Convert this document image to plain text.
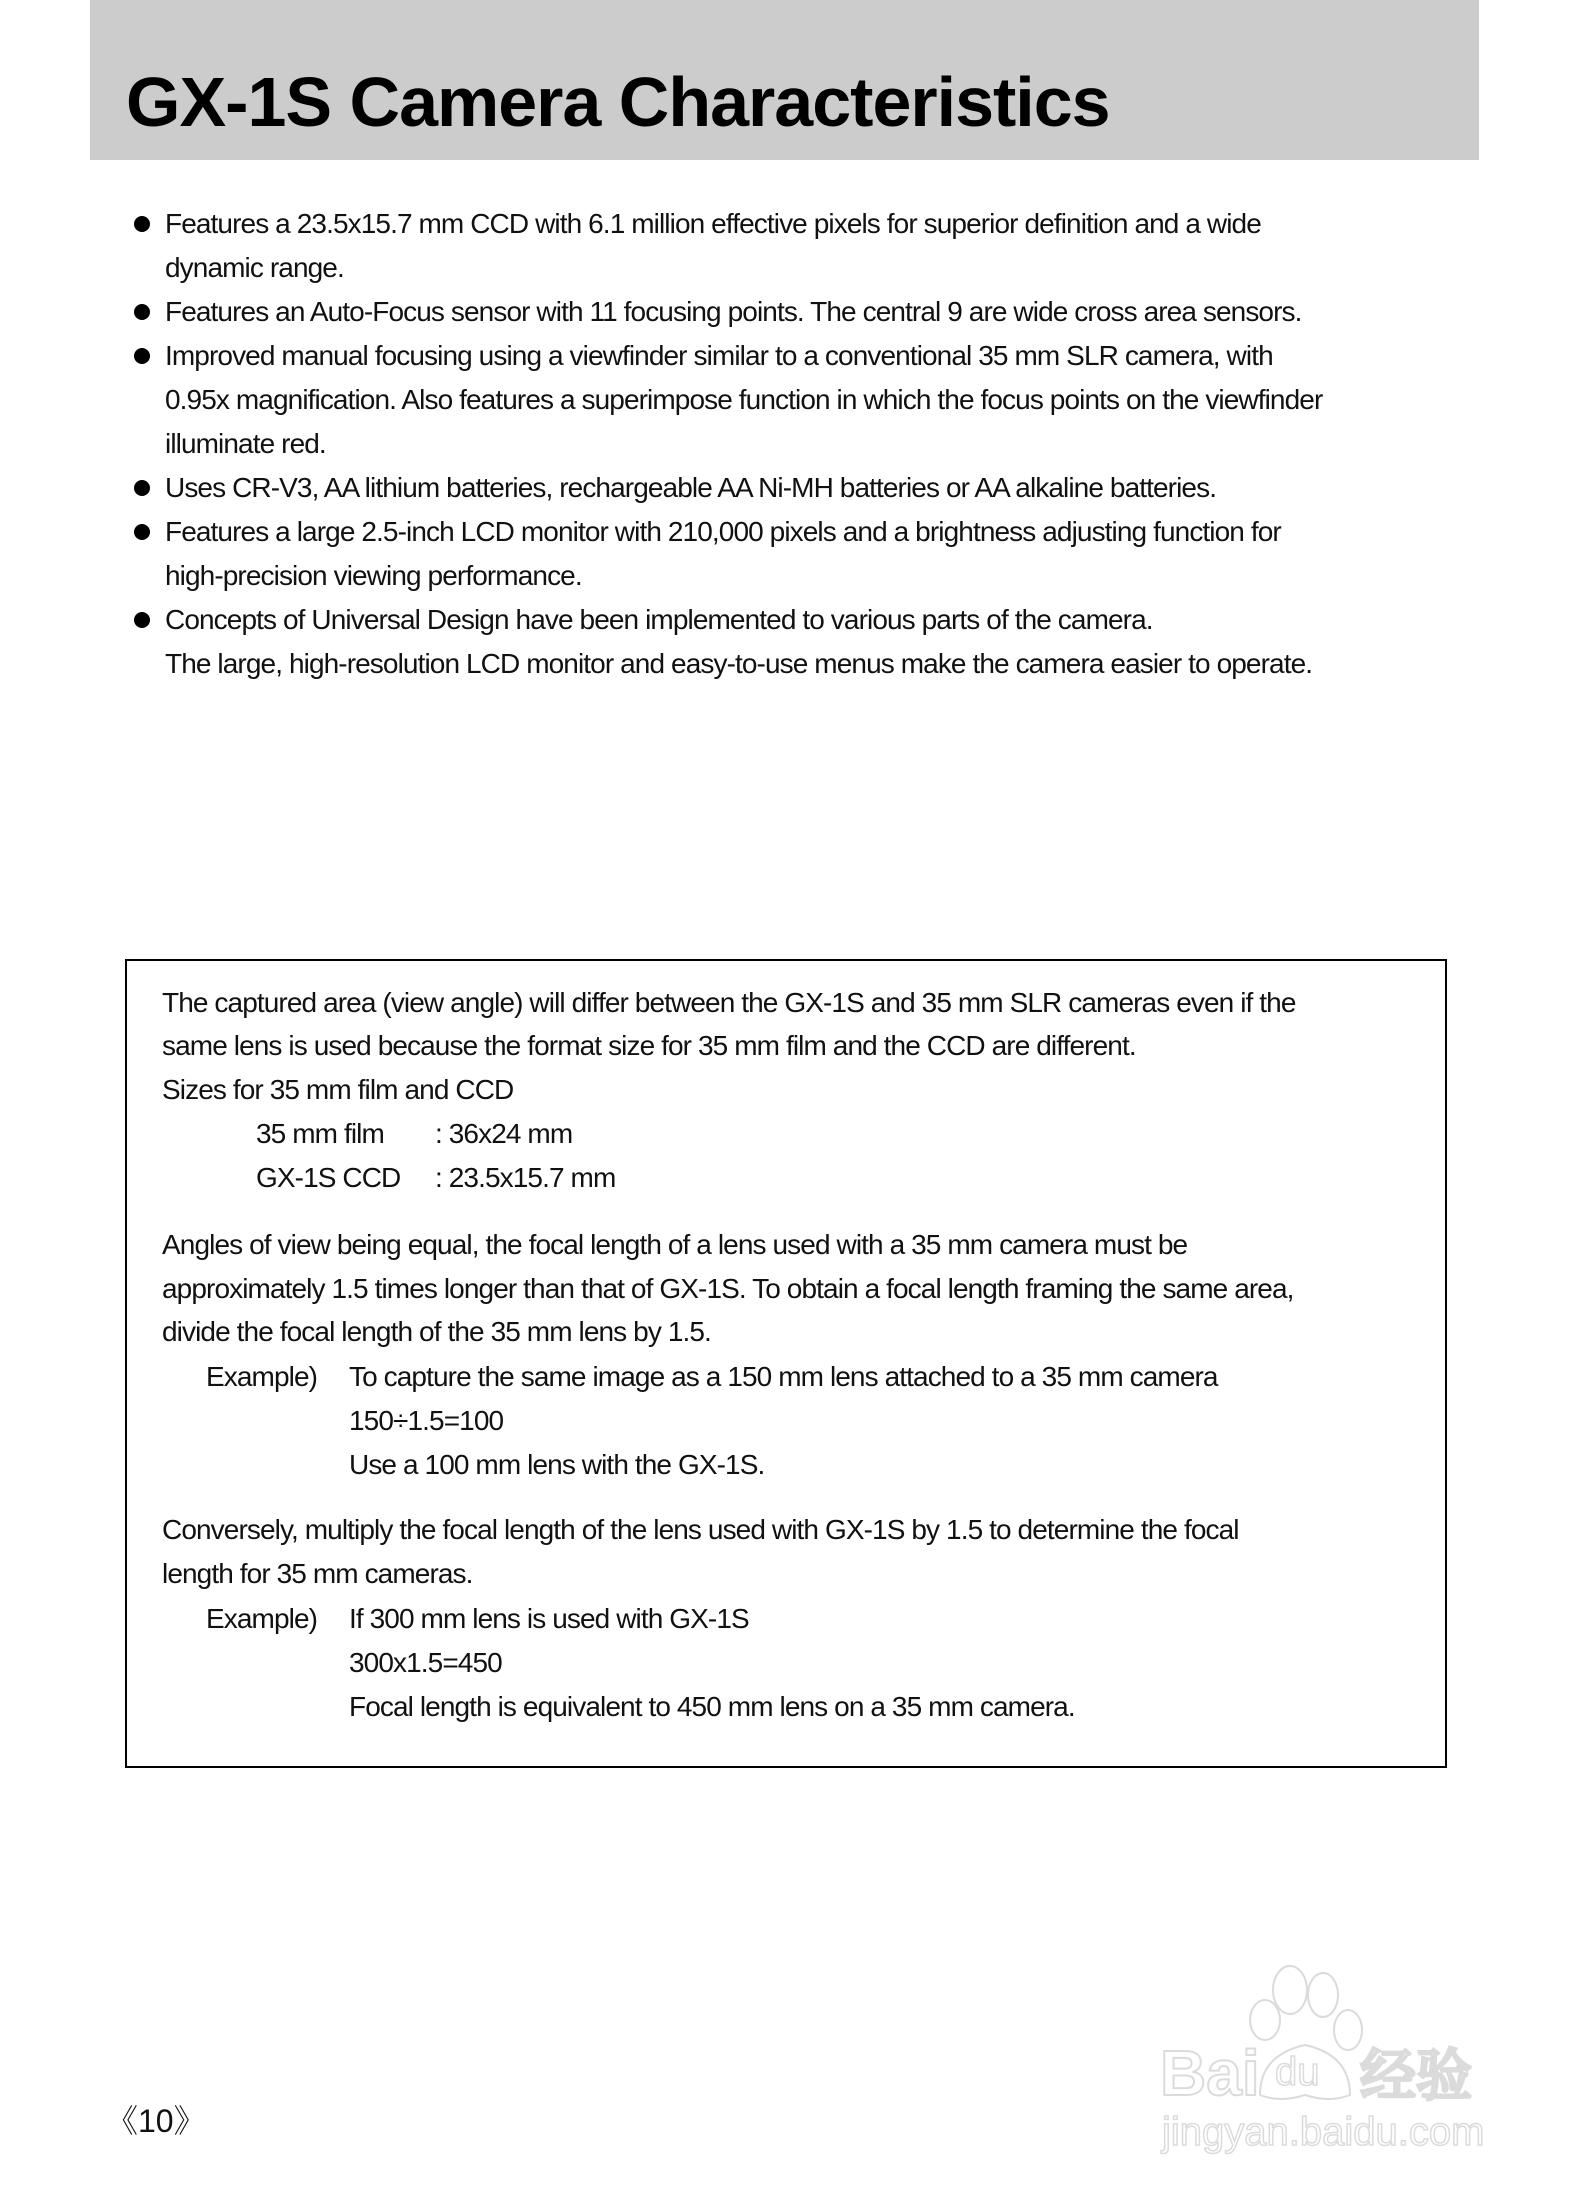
GX-1S Camera Characteristics
Features a 23.5x15.7 mm CCD with 6.1 million effective pixels for superior definition and a wide
dynamic range.
Features an Auto-Focus sensor with 11 focusing points. The central 9 are wide cross area sensors.
Improved manual focusing using a viewfinder similar to a conventional 35 mm SLR camera, with
0.95x magnification. Also features a superimpose function in which the focus points on the viewfinder
illuminate red.
Uses CR-V3, AA lithium batteries, rechargeable AA Ni-MH batteries or AA alkaline batteries.
Features a large 2.5-inch LCD monitor with 210,000 pixels and a brightness adjusting function for
high-precision viewing performance.
Concepts of Universal Design have been implemented to various parts of the camera.
The large, high-resolution LCD monitor and easy-to-use menus make the camera easier to operate.
The captured area (view angle) will differ between the GX-1S and 35 mm SLR cameras even if the
same lens is used because the format size for 35 mm film and the CCD are different.
Sizes for 35 mm film and CCD
35 mm film : 36x24 mm
GX-1S CCD : 23.5x15.7 mm
Angles of view being equal, the focal length of a lens used with a 35 mm camera must be
approximately 1.5 times longer than that of GX-1S. To obtain a focal length framing the same area,
divide the focal length of the 35 mm lens by 1.5.
Example) To capture the same image as a 150 mm lens attached to a 35 mm camera
150÷1.5=100
Use a 100 mm lens with the GX-1S.
Conversely, multiply the focal length of the lens used with GX-1S by 1.5 to determine the focal
length for 35 mm cameras.
Example) If 300 mm lens is used with GX-1S
300x1.5=450
Focal length is equivalent to 450 mm lens on a 35 mm camera.
《10》
Bai du 经验
jingyan.baidu.com
